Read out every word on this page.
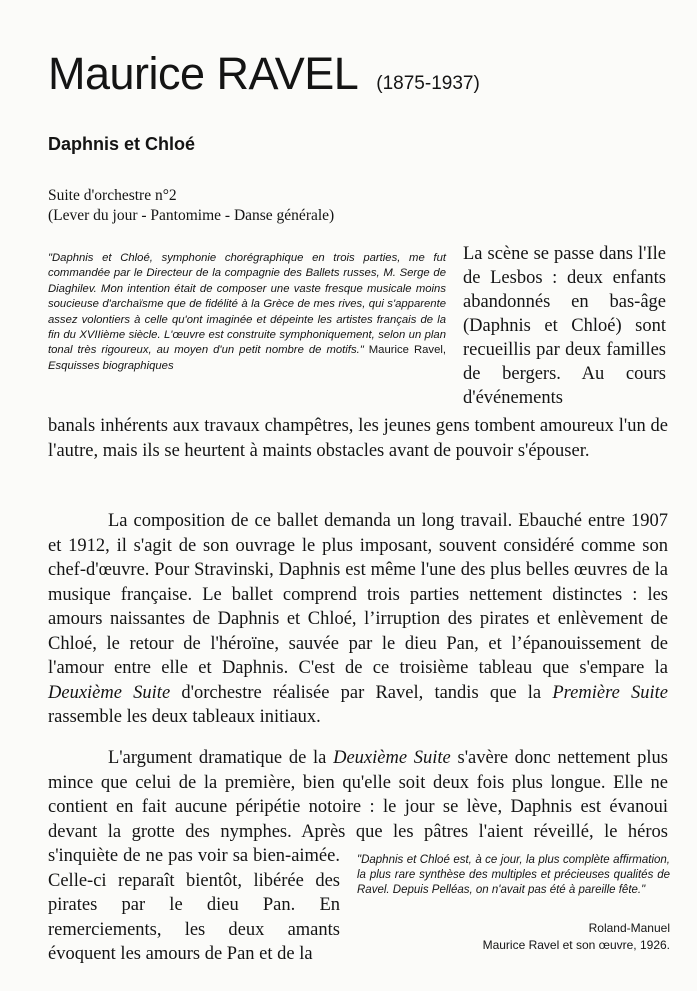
Maurice RAVEL (1875-1937)
Daphnis et Chloé
Suite d'orchestre n°2
(Lever du jour - Pantomime - Danse générale)
"Daphnis et Chloé, symphonie chorégraphique en trois parties, me fut commandée par le Directeur de la compagnie des Ballets russes, M. Serge de Diaghilev. Mon intention était de composer une vaste fresque musicale moins soucieuse d'archaïsme que de fidélité à la Grèce de mes rives, qui s'apparente assez volontiers à celle qu'ont imaginée et dépeinte les artistes français de la fin du XVIIième siècle. L'œuvre est construite symphoniquement, selon un plan tonal très rigoureux, au moyen d'un petit nombre de motifs." Maurice Ravel, Esquisses biographiques
La scène se passe dans l'Ile de Lesbos : deux enfants abandonnés en bas-âge (Daphnis et Chloé) sont recueillis par deux familles de bergers. Au cours d'événements
banals inhérents aux travaux champêtres, les jeunes gens tombent amoureux l'un de l'autre, mais ils se heurtent à maints obstacles avant de pouvoir s'épouser.
La composition de ce ballet demanda un long travail. Ebauché entre 1907 et 1912, il s'agit de son ouvrage le plus imposant, souvent considéré comme son chef-d'œuvre. Pour Stravinski, Daphnis est même l'une des plus belles œuvres de la musique française. Le ballet comprend trois parties nettement distinctes : les amours naissantes de Daphnis et Chloé, l’irruption des pirates et enlèvement de Chloé, le retour de l'héroïne, sauvée par le dieu Pan, et l’épanouissement de l'amour entre elle et Daphnis. C'est de ce troisième tableau que s'empare la Deuxième Suite d'orchestre réalisée par Ravel, tandis que la Première Suite rassemble les deux tableaux initiaux.
L'argument dramatique de la Deuxième Suite s'avère donc nettement plus mince que celui de la première, bien qu'elle soit deux fois plus longue. Elle ne contient en fait aucune péripétie notoire : le jour se lève, Daphnis est évanoui devant la grotte des nymphes. Après que les pâtres l'aient réveillé, le héros
s'inquiète de ne pas voir sa bien-aimée. Celle-ci reparaît bientôt, libérée des pirates par le dieu Pan. En remerciements, les deux amants évoquent les amours de Pan et de la
"Daphnis et Chloé est, à ce jour, la plus complète affirmation, la plus rare synthèse des multiples et précieuses qualités de Ravel. Depuis Pelléas, on n'avait pas été à pareille fête."
Roland-Manuel
Maurice Ravel et son œuvre, 1926.
